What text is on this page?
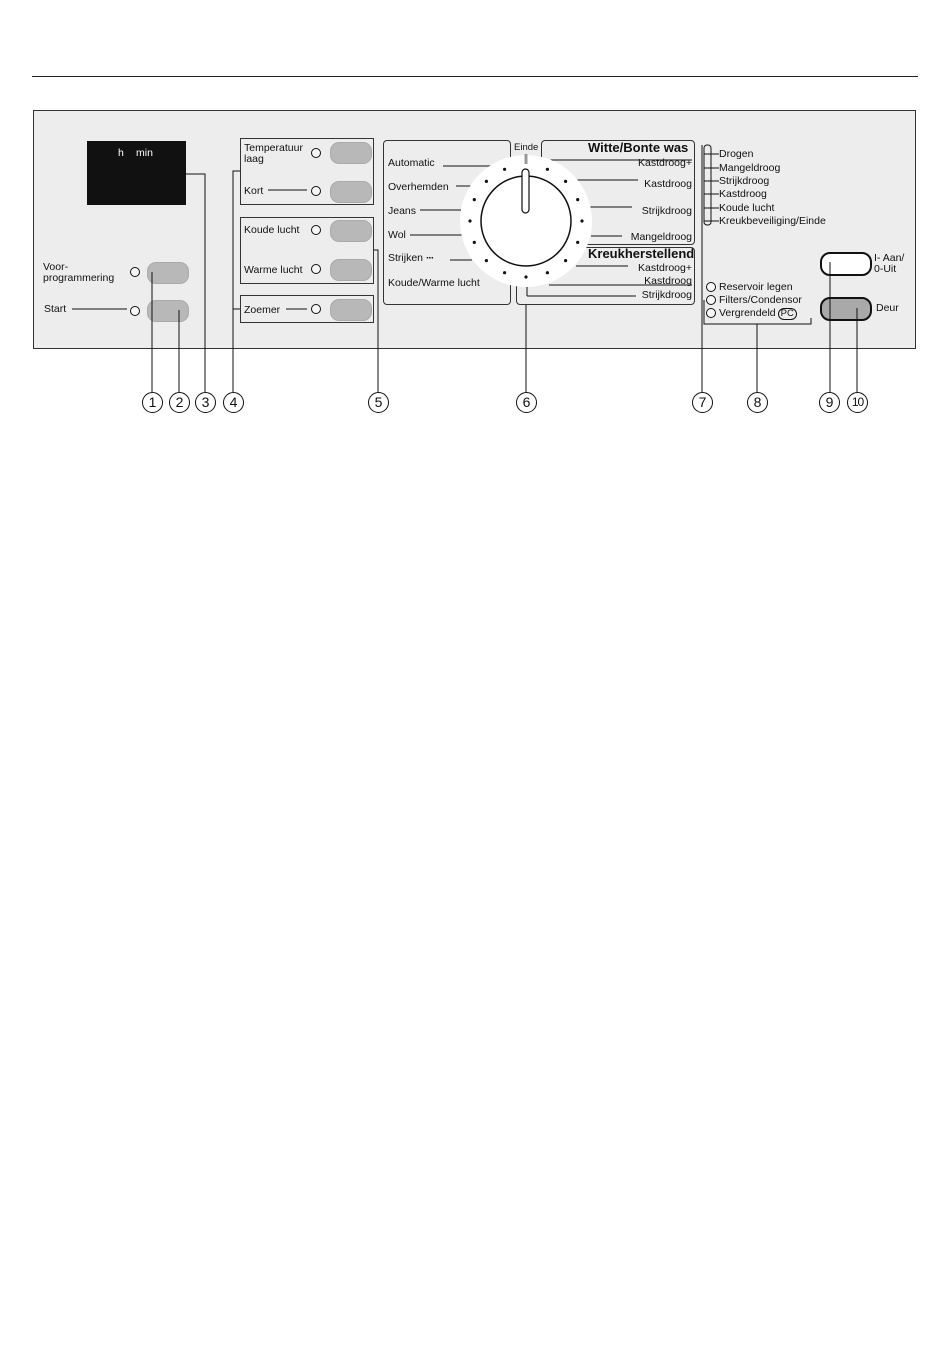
h min
Voor-
programmering
Start
Temperatuur
laag
Kort
Koude lucht
Warme lucht
Zoemer
Automatic
Overhemden
Jeans
Wol
Strijken ···
Koude/Warme lucht
Einde	Witte/Bonte was
Kastdroog+
Kastdroog
Strijkdroog
Mangeldroog
Kreukherstellend
Kastdroog+
Kastdroog
Strijkdroog
Drogen
Mangeldroog
Strijkdroog
Kastdroog
Koude lucht
Kreukbeveiliging/Einde
Reservoir legen
Filters/Condensor
Vergrendeld PC
I- Aan/
0-Uit
Deur
1	2	3	4	5	6	7	8	9	10
